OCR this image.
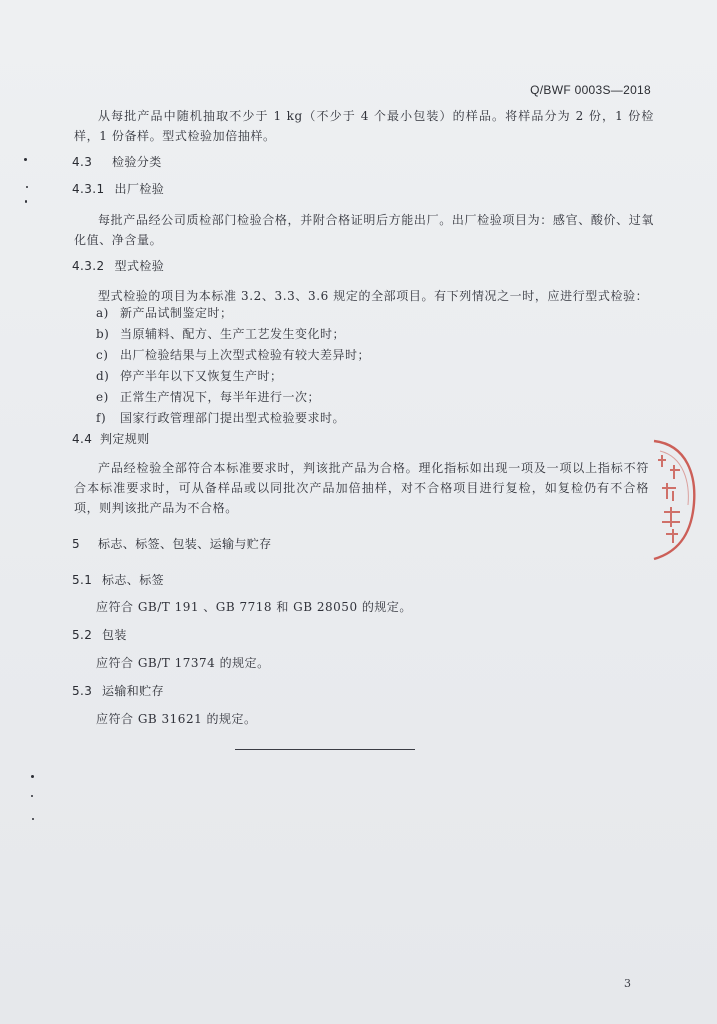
Q/BWF 0003S—2018
从每批产品中随机抽取不少于 1 kg（不少于 4 个最小包装）的样品。将样品分为 2 份，1 份检样，1 份备样。型式检验加倍抽样。
4.3 检验分类
4.3.1 出厂检验
每批产品经公司质检部门检验合格，并附合格证明后方能出厂。出厂检验项目为：感官、酸价、过氧化值、净含量。
4.3.2 型式检验
型式检验的项目为本标准 3.2、3.3、3.6 规定的全部项目。有下列情况之一时，应进行型式检验：
a) 新产品试制鉴定时；
b) 当原辅料、配方、生产工艺发生变化时；
c) 出厂检验结果与上次型式检验有较大差异时；
d) 停产半年以下又恢复生产时；
e) 正常生产情况下，每半年进行一次；
f) 国家行政管理部门提出型式检验要求时。
4.4 判定规则
产品经检验全部符合本标准要求时，判该批产品为合格。理化指标如出现一项及一项以上指标不符合本标准要求时，可从备样品或以同批次产品加倍抽样，对不合格项目进行复检，如复检仍有不合格项，则判该批产品为不合格。
5 标志、标签、包装、运输与贮存
5.1 标志、标签
应符合 GB/T 191 、GB 7718 和 GB 28050 的规定。
5.2 包装
应符合 GB/T 17374 的规定。
5.3 运输和贮存
应符合 GB 31621 的规定。
3
